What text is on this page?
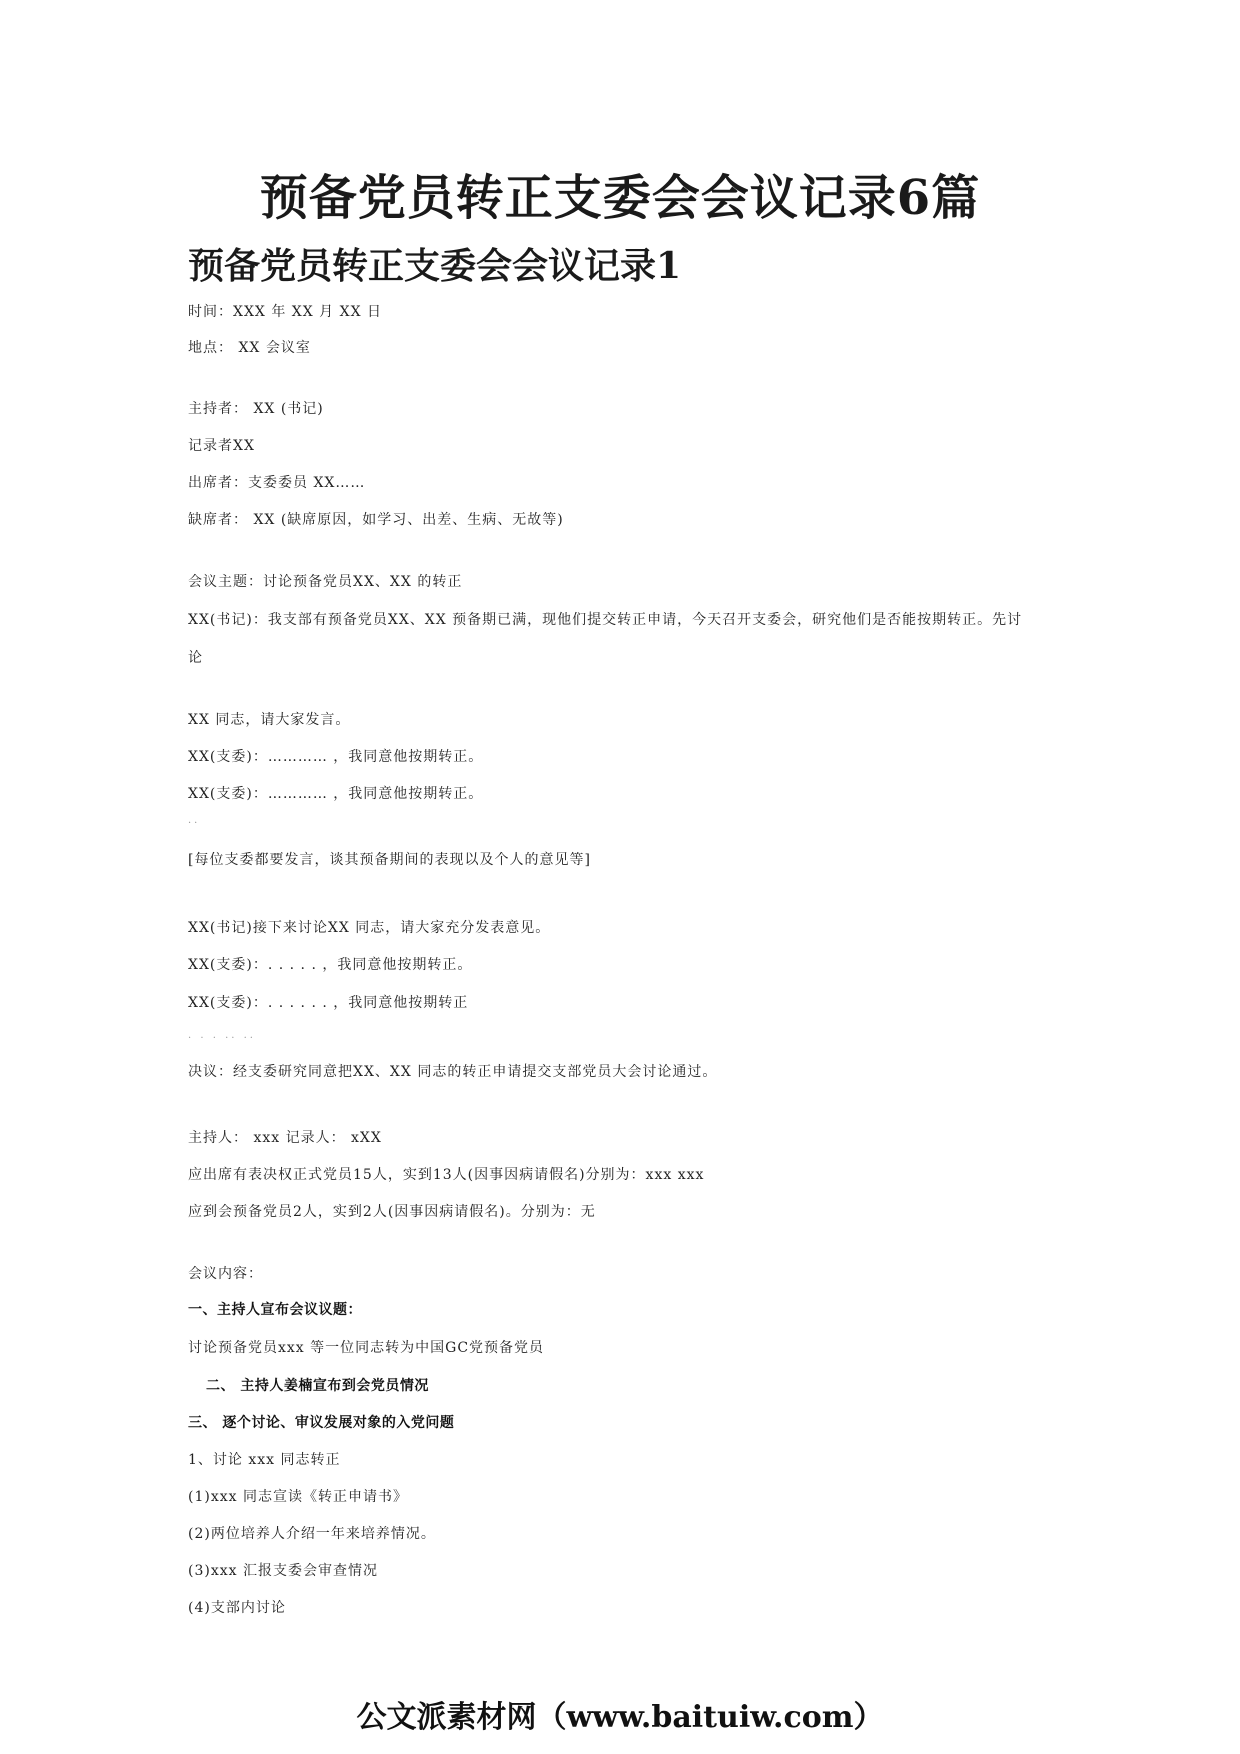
预备党员转正支委会会议记录6篇
预备党员转正支委会会议记录1
时间：XXX 年 XX 月 XX 日
地点： XX 会议室
主持者： XX (书记)
记录者XX
出席者：支委委员 XX……
缺席者： XX (缺席原因，如学习、出差、生病、无故等)
会议主题：讨论预备党员XX、XX 的转正
XX(书记)：我支部有预备党员XX、XX 预备期已满，现他们提交转正申请，今天召开支委会，研究他们是否能按期转正。先讨
论
XX 同志，请大家发言。
XX(支委)：………… ，我同意他按期转正。
XX(支委)：………… ，我同意他按期转正。
··
[每位支委都要发言，谈其预备期间的表现以及个人的意见等]
XX(书记)接下来讨论XX 同志，请大家充分发表意见。
XX(支委)：. . . . . ，我同意他按期转正。
XX(支委)：. . . . . . ，我同意他按期转正
. . . .. ..
决议：经支委研究同意把XX、XX 同志的转正申请提交支部党员大会讨论通过。
主持人： xxx 记录人： xXX
应出席有表决权正式党员15人，实到13人(因事因病请假名)分别为：xxx xxx
应到会预备党员2人，实到2人(因事因病请假名)。分别为：无
会议内容：
一、主持人宣布会议议题：
讨论预备党员xxx 等一位同志转为中国GC党预备党员
二、 主持人姜楠宣布到会党员情况
三、 逐个讨论、审议发展对象的入党问题
1、讨论 xxx 同志转正
(1)xxx 同志宣读《转正申请书》
(2)两位培养人介绍一年来培养情况。
(3)xxx 汇报支委会审查情况
(4)支部内讨论
公文派素材网（www.baituiw.com）
